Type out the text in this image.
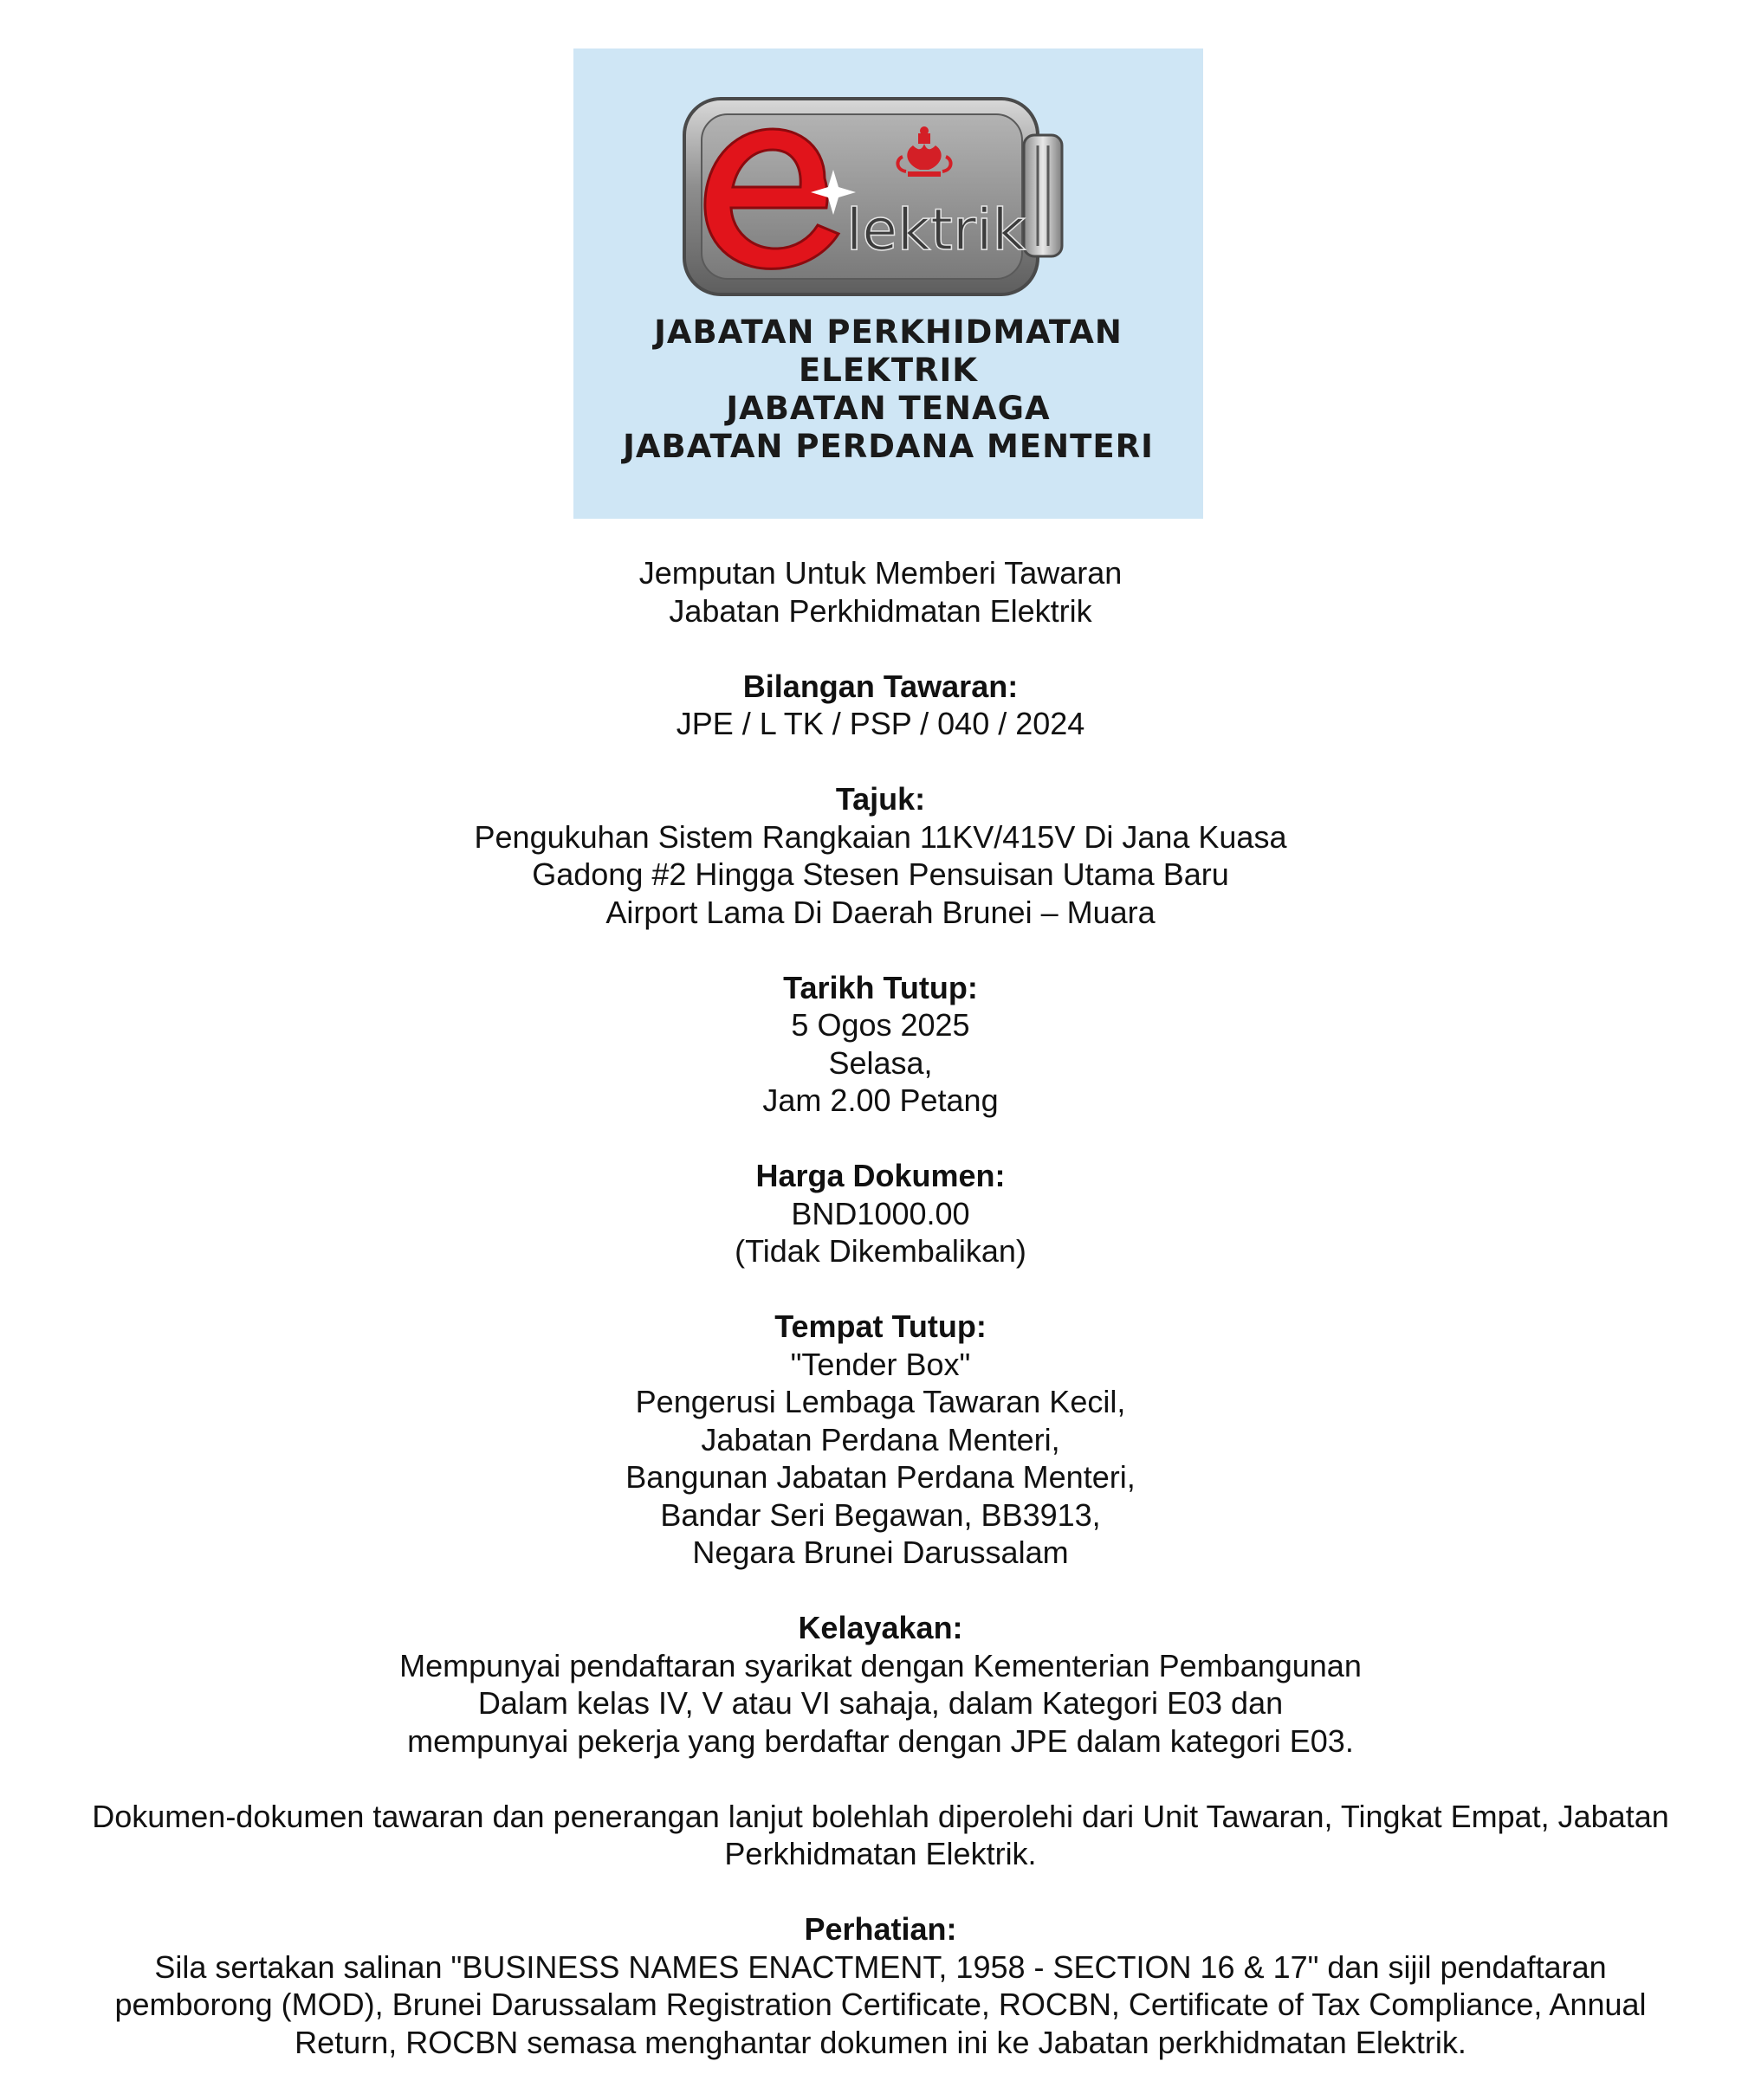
lektrik
JABATAN PERKHIDMATAN
ELEKTRIK
JABATAN TENAGA
JABATAN PERDANA MENTERI
Jemputan Untuk Memberi Tawaran
Jabatan Perkhidmatan Elektrik
Bilangan Tawaran:
JPE / L TK / PSP / 040 / 2024
Tajuk:
Pengukuhan Sistem Rangkaian 11KV/415V Di Jana Kuasa
Gadong #2 Hingga Stesen Pensuisan Utama Baru
Airport Lama Di Daerah Brunei – Muara
Tarikh Tutup:
5 Ogos 2025
Selasa,
Jam 2.00 Petang
Harga Dokumen:
BND1000.00
(Tidak Dikembalikan)
Tempat Tutup:
"Tender Box"
Pengerusi Lembaga Tawaran Kecil,
Jabatan Perdana Menteri,
Bangunan Jabatan Perdana Menteri,
Bandar Seri Begawan, BB3913,
Negara Brunei Darussalam
Kelayakan:
Mempunyai pendaftaran syarikat dengan Kementerian Pembangunan
Dalam kelas IV, V atau VI sahaja, dalam Kategori E03 dan
mempunyai pekerja yang berdaftar dengan JPE dalam kategori E03.
Dokumen-dokumen tawaran dan penerangan lanjut bolehlah diperolehi dari Unit Tawaran, Tingkat Empat, Jabatan
Perkhidmatan Elektrik.
Perhatian:
Sila sertakan salinan "BUSINESS NAMES ENACTMENT, 1958 - SECTION 16 & 17" dan sijil pendaftaran
pemborong (MOD), Brunei Darussalam Registration Certificate, ROCBN, Certificate of Tax Compliance, Annual
Return, ROCBN semasa menghantar dokumen ini ke Jabatan perkhidmatan Elektrik.
